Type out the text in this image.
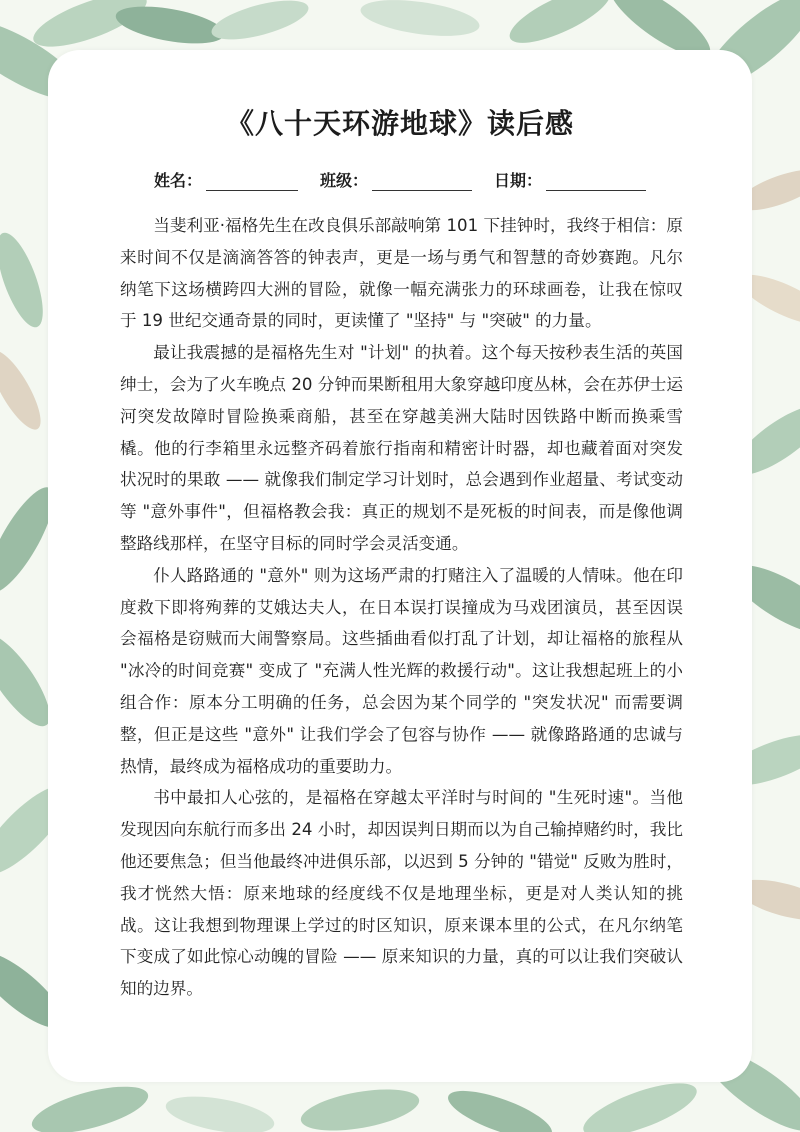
《八十天环游地球》读后感
姓名：	班级：	日期：

当斐利亚·福格先生在改良俱乐部敲响第 101 下挂钟时，我终于相信：原来时间不仅是滴滴答答的钟表声，更是一场与勇气和智慧的奇妙赛跑。凡尔纳笔下这场横跨四大洲的冒险，就像一幅充满张力的环球画卷，让我在惊叹于 19 世纪交通奇景的同时，更读懂了 "坚持" 与 "突破" 的力量。

最让我震撼的是福格先生对 "计划" 的执着。这个每天按秒表生活的英国绅士，会为了火车晚点 20 分钟而果断租用大象穿越印度丛林，会在苏伊士运河突发故障时冒险换乘商船，甚至在穿越美洲大陆时因铁路中断而换乘雪橇。他的行李箱里永远整齐码着旅行指南和精密计时器，却也藏着面对突发状况时的果敢 —— 就像我们制定学习计划时，总会遇到作业超量、考试变动等 "意外事件"，但福格教会我：真正的规划不是死板的时间表，而是像他调整路线那样，在坚守目标的同时学会灵活变通。

仆人路路通的 "意外" 则为这场严肃的打赌注入了温暖的人情味。他在印度救下即将殉葬的艾娥达夫人，在日本误打误撞成为马戏团演员，甚至因误会福格是窃贼而大闹警察局。这些插曲看似打乱了计划，却让福格的旅程从 "冰冷的时间竞赛" 变成了 "充满人性光辉的救援行动"。这让我想起班上的小组合作：原本分工明确的任务，总会因为某个同学的 "突发状况" 而需要调整，但正是这些 "意外" 让我们学会了包容与协作 —— 就像路路通的忠诚与热情，最终成为福格成功的重要助力。

书中最扣人心弦的，是福格在穿越太平洋时与时间的 "生死时速"。当他发现因向东航行而多出 24 小时，却因误判日期而以为自己输掉赌约时，我比他还要焦急；但当他最终冲进俱乐部，以迟到 5 分钟的 "错觉" 反败为胜时，我才恍然大悟：原来地球的经度线不仅是地理坐标，更是对人类认知的挑战。这让我想到物理课上学过的时区知识，原来课本里的公式，在凡尔纳笔下变成了如此惊心动魄的冒险 —— 原来知识的力量，真的可以让我们突破认知的边界。
